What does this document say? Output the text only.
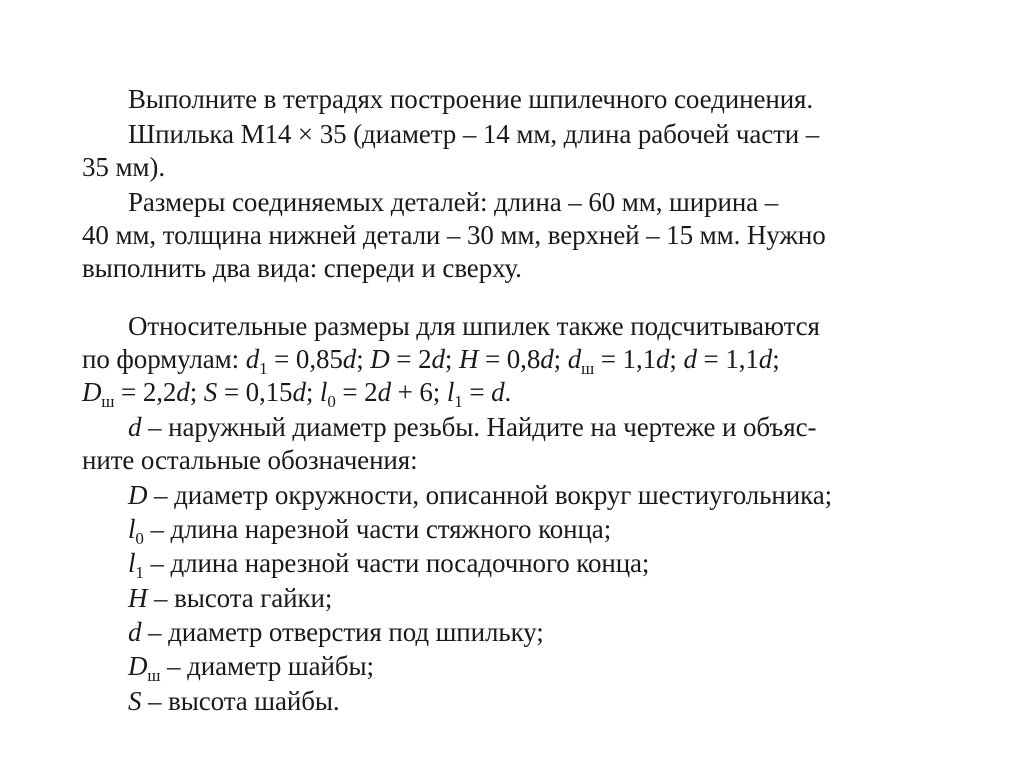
Выполните в тетрадях построение шпилечного соединения.
Шпилька М14 × 35 (диаметр – 14 мм, длина рабочей части –
35 мм).
Размеры соединяемых деталей: длина – 60 мм, ширина –
40 мм, толщина нижней детали – 30 мм, верхней – 15 мм. Нужно
выполнить два вида: спереди и сверху.
Относительные размеры для шпилек также подсчитываются
по формулам: $d_1 = 0,85d$; D = 2d; H = 0,8d; $d_ш = 1,1d$; d = 1,1d;
$D_ш = 2,2d$; S = 0,15d; $l_0 = 2d + 6$; $l_1 = d$.
d – наружный диаметр резьбы. Найдите на чертеже и объяс-
ните остальные обозначения:
D – диаметр окружности, описанной вокруг шестиугольника;
$l_0$ – длина нарезной части стяжного конца;
$l_1$ – длина нарезной части посадочного конца;
H – высота гайки;
d – диаметр отверстия под шпильку;
$D_ш$ – диаметр шайбы;
S – высота шайбы.
